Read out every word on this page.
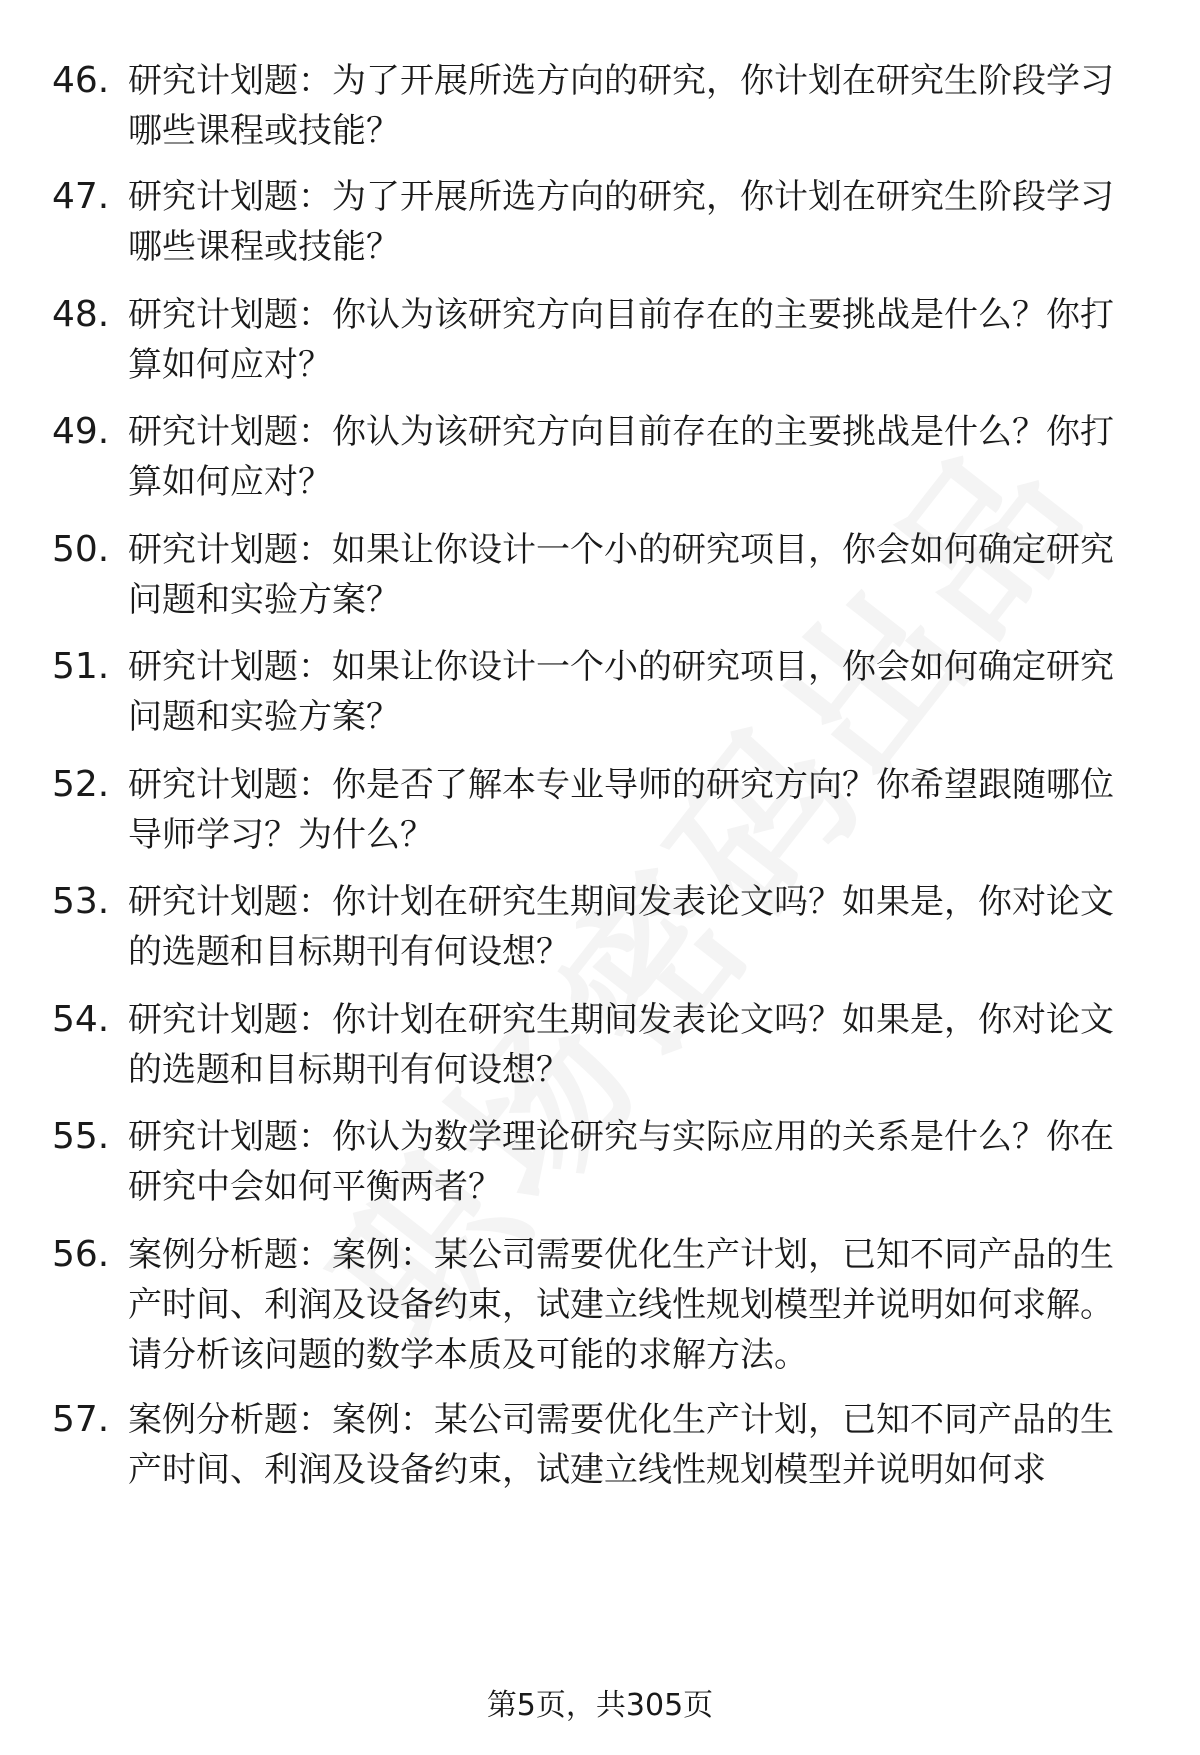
46. 研究计划题：为了开展所选方向的研究，你计划在研究生阶段学习哪些课程或技能？
47. 研究计划题：为了开展所选方向的研究，你计划在研究生阶段学习哪些课程或技能？
48. 研究计划题：你认为该研究方向目前存在的主要挑战是什么？你打算如何应对？
49. 研究计划题：你认为该研究方向目前存在的主要挑战是什么？你打算如何应对？
50. 研究计划题：如果让你设计一个小的研究项目，你会如何确定研究问题和实验方案？
51. 研究计划题：如果让你设计一个小的研究项目，你会如何确定研究问题和实验方案？
52. 研究计划题：你是否了解本专业导师的研究方向？你希望跟随哪位导师学习？为什么？
53. 研究计划题：你计划在研究生期间发表论文吗？如果是，你对论文的选题和目标期刊有何设想？
54. 研究计划题：你计划在研究生期间发表论文吗？如果是，你对论文的选题和目标期刊有何设想？
55. 研究计划题：你认为数学理论研究与实际应用的关系是什么？你在研究中会如何平衡两者？
56. 案例分析题：案例：某公司需要优化生产计划，已知不同产品的生产时间、利润及设备约束，试建立线性规划模型并说明如何求解。请分析该问题的数学本质及可能的求解方法。
57. 案例分析题：案例：某公司需要优化生产计划，已知不同产品的生产时间、利润及设备约束，试建立线性规划模型并说明如何求
第5页，共305页
